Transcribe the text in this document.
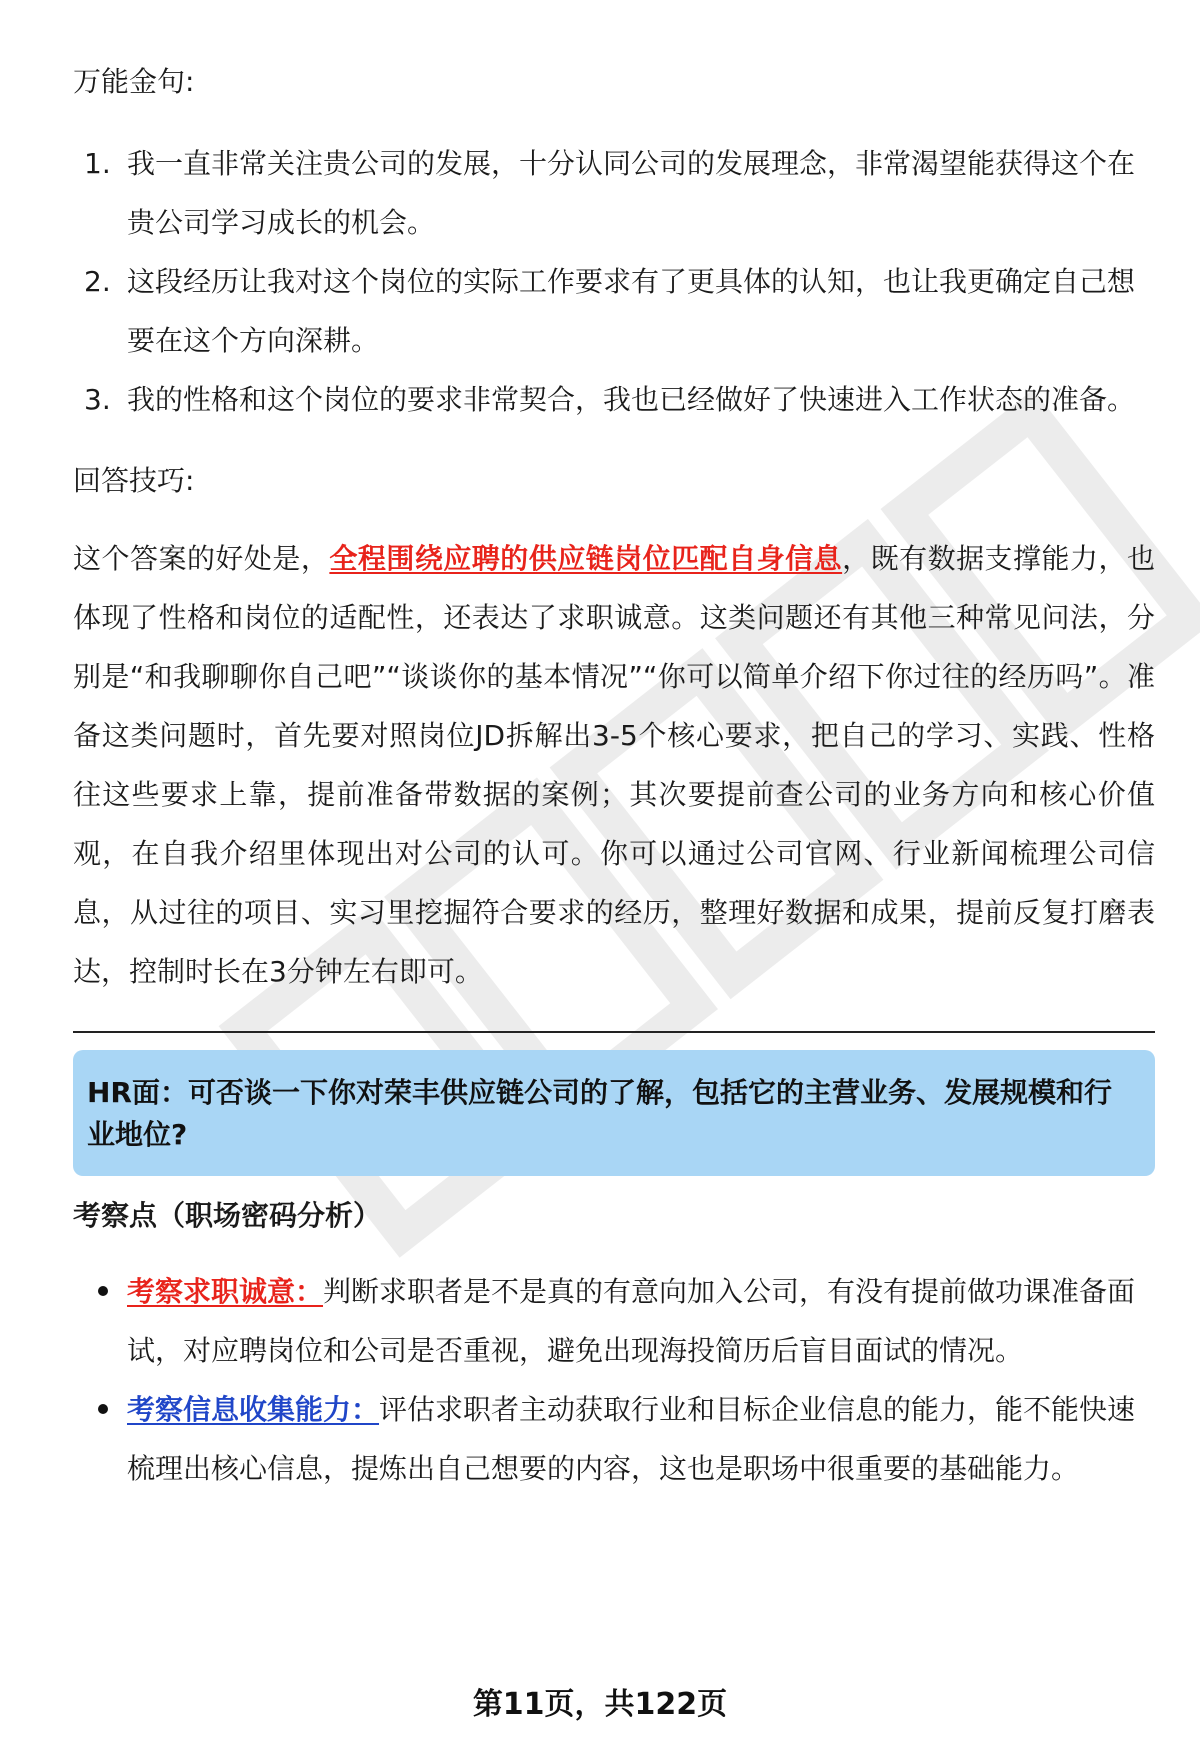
万能金句:

1. 我一直非常关注贵公司的发展，十分认同公司的发展理念，非常渴望能获得这个在贵公司学习成长的机会。
2. 这段经历让我对这个岗位的实际工作要求有了更具体的认知，也让我更确定自己想要在这个方向深耕。
3. 我的性格和这个岗位的要求非常契合，我也已经做好了快速进入工作状态的准备。

回答技巧:

这个答案的好处是，全程围绕应聘的供应链岗位匹配自身信息，既有数据支撑能力，也体现了性格和岗位的适配性，还表达了求职诚意。这类问题还有其他三种常见问法，分别是“和我聊聊你自己吧”“谈谈你的基本情况”“你可以简单介绍下你过往的经历吗”。准备这类问题时，首先要对照岗位JD拆解出3-5个核心要求，把自己的学习、实践、性格往这些要求上靠，提前准备带数据的案例；其次要提前查公司的业务方向和核心价值观，在自我介绍里体现出对公司的认可。你可以通过公司官网、行业新闻梳理公司信息，从过往的项目、实习里挖掘符合要求的经历，整理好数据和成果，提前反复打磨表达，控制时长在3分钟左右即可。

HR面：可否谈一下你对荣丰供应链公司的了解，包括它的主营业务、发展规模和行业地位?

考察点（职场密码分析）

考察求职诚意：判断求职者是不是真的有意向加入公司，有没有提前做功课准备面试，对应聘岗位和公司是否重视，避免出现海投简历后盲目面试的情况。
考察信息收集能力：评估求职者主动获取行业和目标企业信息的能力，能不能快速梳理出核心信息，提炼出自己想要的内容，这也是职场中很重要的基础能力。
第11页，共122页
